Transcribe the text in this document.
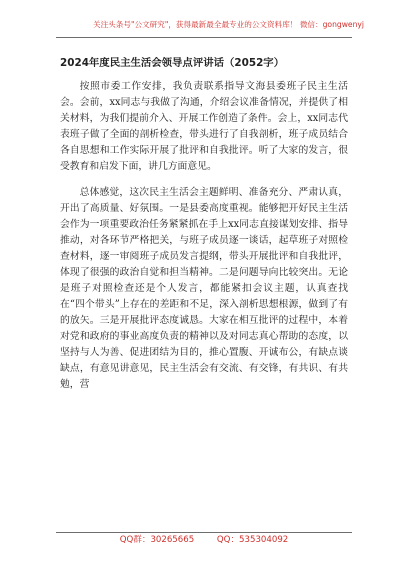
关注头条号"公文研究"，获得最新最全最专业的公文资料库！ 微信：gongwenyj
2024年度民主生活会领导点评讲话（2052字）

按照市委工作安排，我负责联系指导文海县委班子民主生活会。会前，xx同志与我做了沟通，介绍会议准备情况，并提供了相关材料，为我们提前介入、开展工作创造了条件。会上，xx同志代表班子做了全面的剖析检查，带头进行了自我剖析，班子成员结合各自思想和工作实际开展了批评和自我批评。听了大家的发言，很受教育和启发下面，讲几方面意见。

总体感觉，这次民主生活会主题鲜明、准备充分、严肃认真，开出了高质量、好氛围。一是县委高度重视。能够把开好民主生活会作为一项重要政治任务紧紧抓在手上xx同志直接谋划安排、指导推动，对各环节严格把关，与班子成员逐一谈话，起草班子对照检查材料，逐一审阅班子成员发言提纲，带头开展批评和自我批评，体现了很强的政治自觉和担当精神。二是问题导向比较突出。无论是班子对照检查还是个人发言，都能紧扣会议主题，认真查找在“四个带头”上存在的差距和不足，深入剖析思想根源，做到了有的放矢。三是开展批评态度诚恳。大家在相互批评的过程中，本着对党和政府的事业高度负责的精神以及对同志真心帮助的态度，以坚持与人为善、促进团结为目的，推心置腹、开诚布公，有缺点谈缺点，有意见讲意见，民主生活会有交流、有交锋，有共识、有共勉，营

QQ群：30265665	QQ：535304092
